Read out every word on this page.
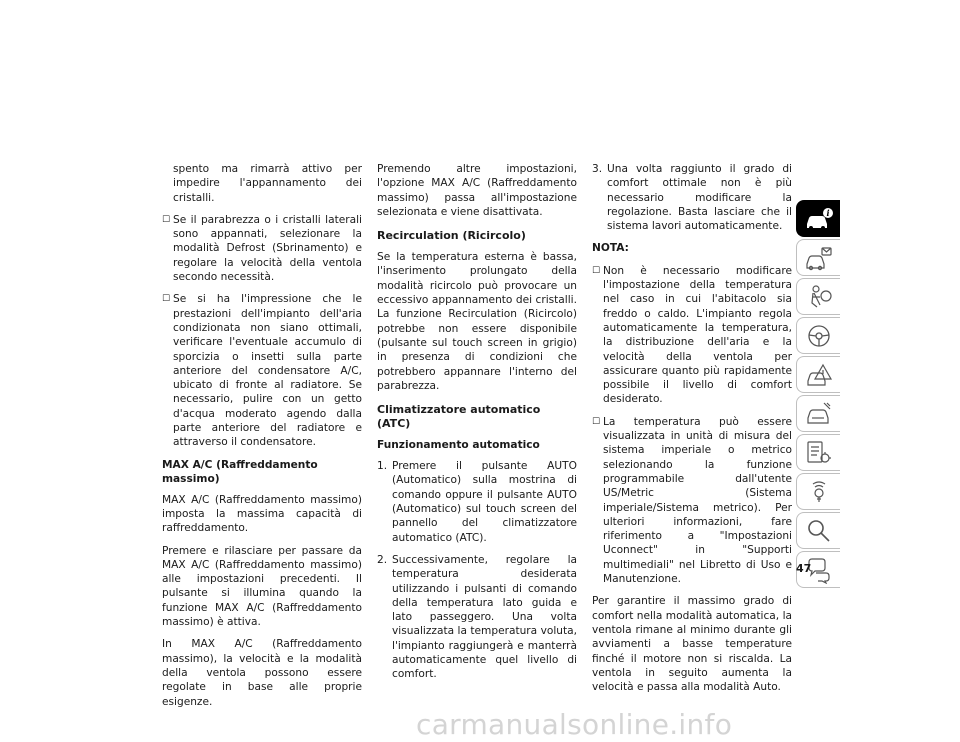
spento ma rimarrà attivo per impedire l'appannamento dei cristalli.

☐ Se il parabrezza o i cristalli laterali sono appannati, selezionare la modalità Defrost (Sbrinamento) e regolare la velocità della ventola secondo necessità.
☐ Se si ha l'impressione che le prestazioni dell'impianto dell'aria condizionata non siano ottimali, verificare l'eventuale accumulo di sporcizia o insetti sulla parte anteriore del condensatore A/C, ubicato di fronte al radiatore. Se necessario, pulire con un getto d'acqua moderato agendo dalla parte anteriore del radiatore e attraverso il condensatore.
MAX A/C (Raffreddamento massimo)

MAX A/C (Raffreddamento massimo) imposta la massima capacità di raffreddamento.

Premere e rilasciare per passare da MAX A/C (Raffreddamento massimo) alle impostazioni precedenti. Il pulsante si illumina quando la funzione MAX A/C (Raffreddamento massimo) è attiva.

In MAX A/C (Raffreddamento massimo), la velocità e la modalità della ventola possono essere regolate in base alle proprie esigenze.

Premendo altre impostazioni, l'opzione MAX A/C (Raffreddamento massimo) passa all'impostazione selezionata e viene disattivata.

Recirculation (Ricircolo)

Se la temperatura esterna è bassa, l'inserimento prolungato della modalità ricircolo può provocare un eccessivo appannamento dei cristalli. La funzione Recirculation (Ricircolo) potrebbe non essere disponibile (pulsante sul touch screen in grigio) in presenza di condizioni che potrebbero appannare l'interno del parabrezza.

Climatizzatore automatico (ATC)
Funzionamento automatico
1. Premere il pulsante AUTO (Automatico) sulla mostrina di comando oppure il pulsante AUTO (Automatico) sul touch screen del pannello del climatizzatore automatico (ATC).
2. Successivamente, regolare la temperatura desiderata utilizzando i pulsanti di comando della temperatura lato guida e lato passeggero. Una volta visualizzata la temperatura voluta, l'impianto raggiungerà e manterrà automaticamente quel livello di comfort.
3. Una volta raggiunto il grado di comfort ottimale non è più necessario modificare la regolazione. Basta lasciare che il sistema lavori automaticamente.
NOTA:
☐ Non è necessario modificare l'impostazione della temperatura nel caso in cui l'abitacolo sia freddo o caldo. L'impianto regola automaticamente la temperatura, la distribuzione dell'aria e la velocità della ventola per assicurare quanto più rapidamente possibile il livello di comfort desiderato.
☐ La temperatura può essere visualizzata in unità di misura del sistema imperiale o metrico selezionando la funzione programmabile dall'utente US/Metric (Sistema imperiale/Sistema metrico). Per ulteriori informazioni, fare riferimento a "Impostazioni Uconnect" in "Supporti multimediali" nel Libretto di Uso e Manutenzione.

Per garantire il massimo grado di comfort nella modalità automatica, la ventola rimane al minimo durante gli avviamenti a basse temperature finché il motore non si riscalda. La ventola in seguito aumenta la velocità e passa alla modalità Auto.

i
47
carmanualsonline.info
